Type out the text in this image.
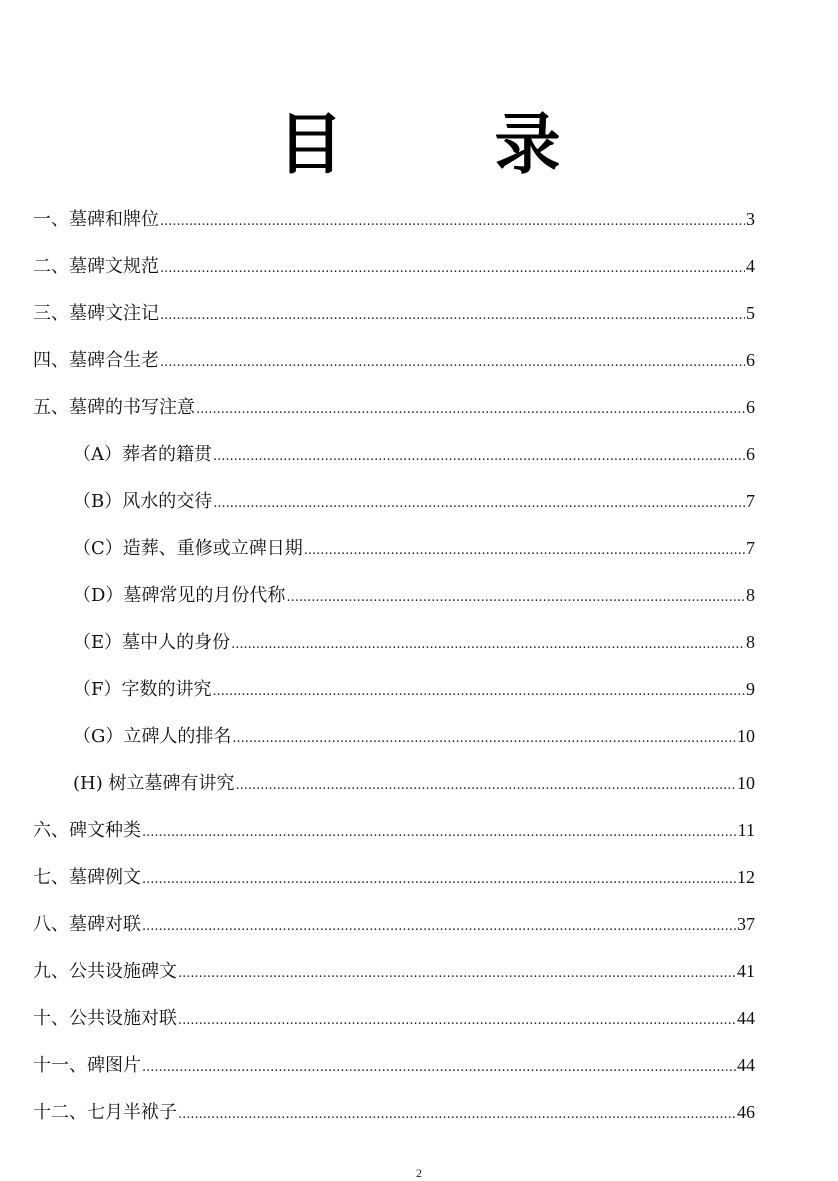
目 录
一、墓碑和牌位 .....	3
二、墓碑文规范 .....	4
三、墓碑文注记 .....	5
四、墓碑合生老 .....	6
五、墓碑的书写注意 .....	6
（A）葬者的籍贯 .....	6
（B）风水的交待 .....	7
（C）造葬、重修或立碑日期 .....	7
（D）墓碑常见的月份代称 .....	8
（E）墓中人的身份 .....	8
（F）字数的讲究 .....	9
（G）立碑人的排名 .....	10
(H) 树立墓碑有讲究 .....	10
六、碑文种类 .....	11
七、墓碑例文 .....	12
八、墓碑对联 .....	37
九、公共设施碑文 .....	41
十、公共设施对联 .....	44
十一、碑图片 .....	44
十二、七月半袱子 .....	46
2
